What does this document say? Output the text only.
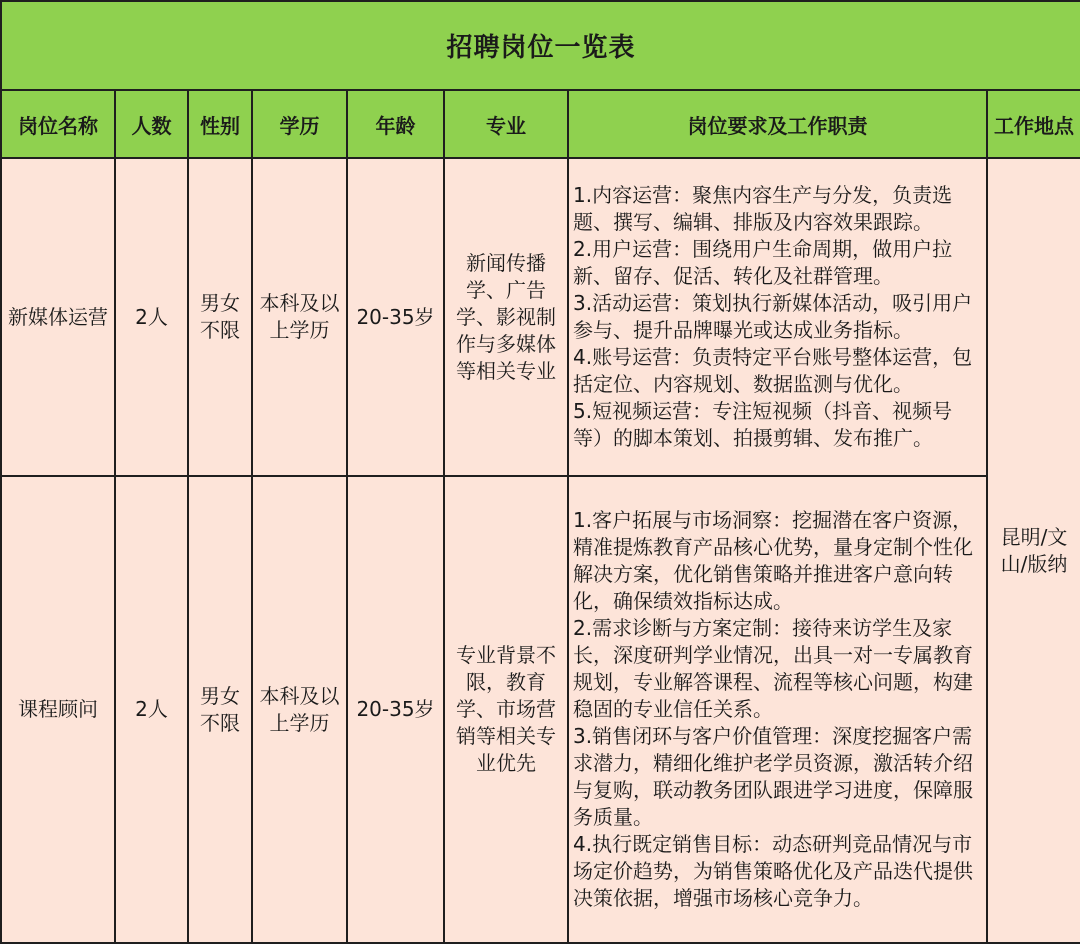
招聘岗位一览表							
岗位名称	人数	性别	学历	年龄	专业	岗位要求及工作职责	工作地点
新媒体运营	2人	男女不限	本科及以上学历	20-35岁	新闻传播学、广告学、影视制作与多媒体等相关专业	1.内容运营：聚焦内容生产与分发，负责选题、撰写、编辑、排版及内容效果跟踪。
2.用户运营：围绕用户生命周期，做用户拉新、留存、促活、转化及社群管理。
3.活动运营：策划执行新媒体活动，吸引用户参与、提升品牌曝光或达成业务指标。
4.账号运营：负责特定平台账号整体运营，包括定位、内容规划、数据监测与优化。
5.短视频运营：专注短视频（抖音、视频号等）的脚本策划、拍摄剪辑、发布推广。	昆明/文山/版纳
课程顾问	2人	男女不限	本科及以上学历	20-35岁	专业背景不限，教育学、市场营销等相关专业优先	1.客户拓展与市场洞察：挖掘潜在客户资源，精准提炼教育产品核心优势，量身定制个性化解决方案，优化销售策略并推进客户意向转化，确保绩效指标达成。
2.需求诊断与方案定制：接待来访学生及家长，深度研判学业情况，出具一对一专属教育规划，专业解答课程、流程等核心问题，构建稳固的专业信任关系。
3.销售闭环与客户价值管理：深度挖掘客户需求潜力，精细化维护老学员资源，激活转介绍与复购，联动教务团队跟进学习进度，保障服务质量。
4.执行既定销售目标：动态研判竞品情况与市场定价趋势，为销售策略优化及产品迭代提供决策依据，增强市场核心竞争力。	
